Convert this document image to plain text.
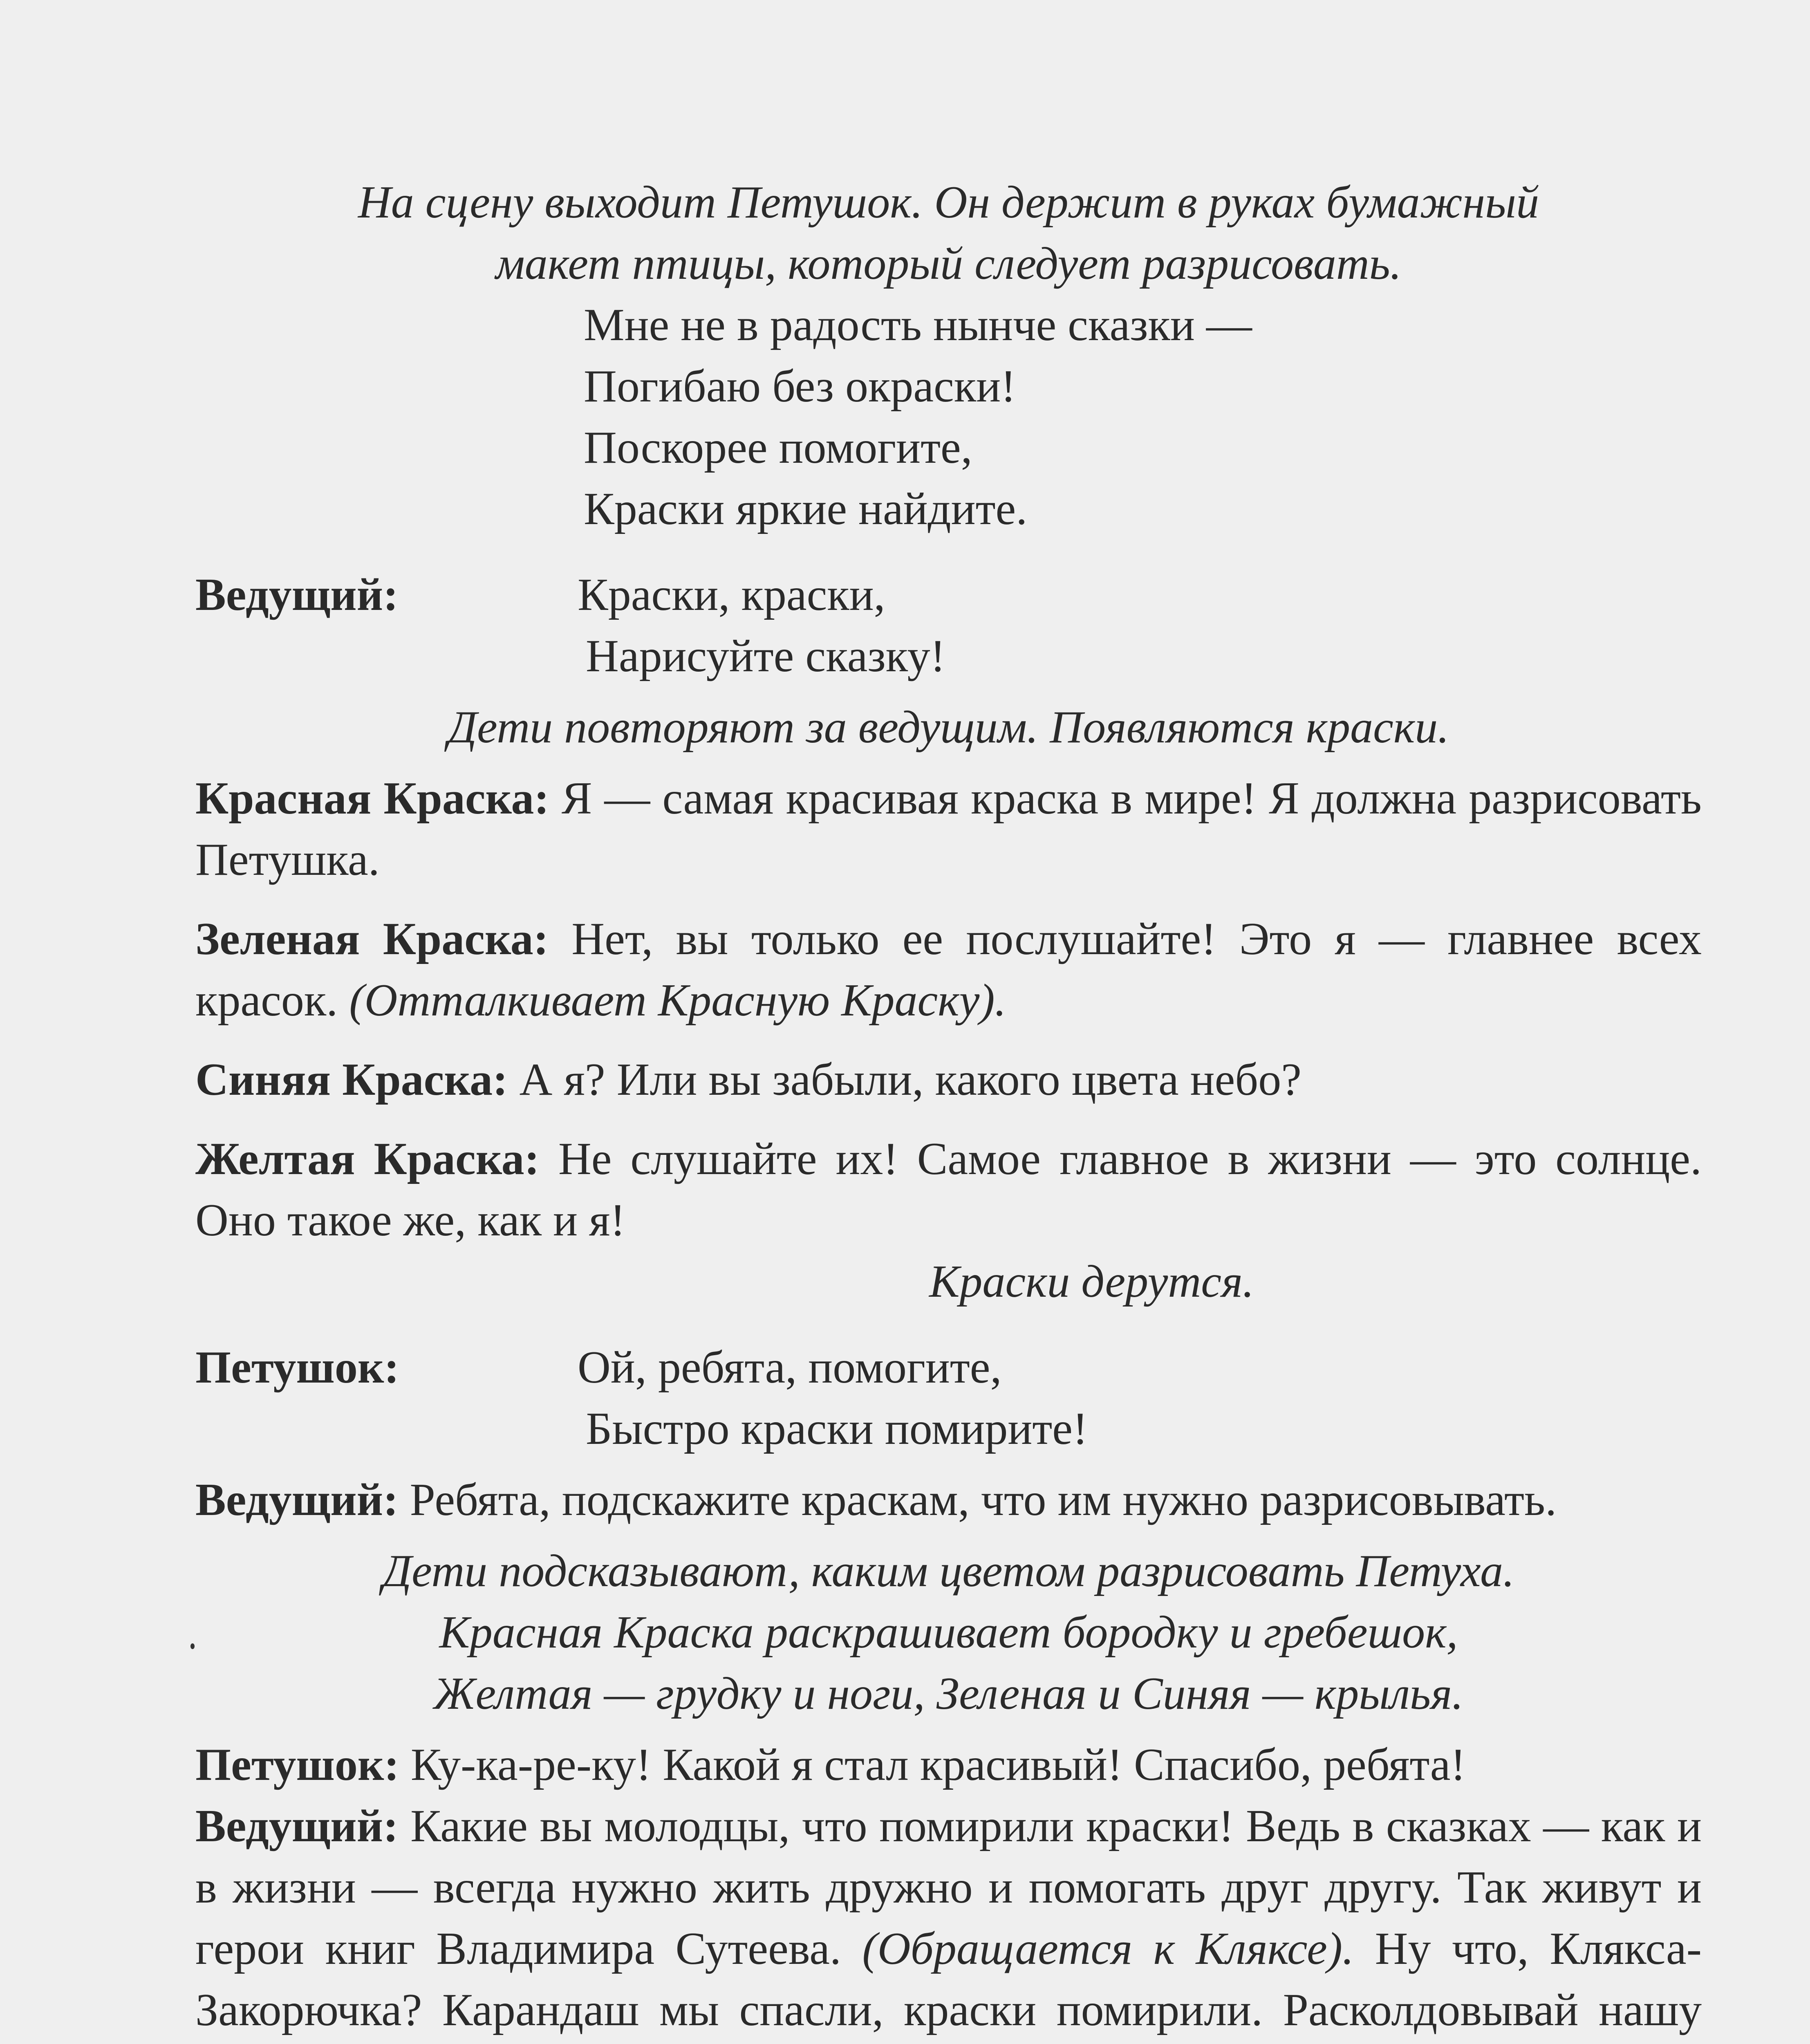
На сцену выходит Петушок. Он держит в руках бумажный
макет птицы, который следует разрисовать.
Мне не в радость нынче сказки —
Погибаю без окраски!
Поскорее помогите,
Краски яркие найдите.
Ведущий:	Краски, краски,
Нарисуйте сказку!
Дети повторяют за ведущим. Появляются краски.
Красная Краска: Я — самая красивая краска в мире! Я должна разрисовать Петушка.
Зеленая Краска: Нет, вы только ее послушайте! Это я — главнее всех красок. (Отталкивает Красную Краску).
Синяя Краска: А я? Или вы забыли, какого цвета небо?
Желтая Краска: Не слушайте их! Самое главное в жизни — это солнце. Оно такое же, как и я!
Краски дерутся.
Петушок:	Ой, ребята, помогите,
Быстро краски помирите!
Ведущий: Ребята, подскажите краскам, что им нужно разрисовывать.
Дети подсказывают, каким цветом разрисовать Петуха.
Красная Краска раскрашивает бородку и гребешок,
Желтая — грудку и ноги, Зеленая и Синяя — крылья.
Петушок: Ку-ка-ре-ку! Какой я стал красивый! Спасибо, ребята!
Ведущий: Какие вы молодцы, что помирили краски! Ведь в сказках — как и в жизни — всегда нужно жить дружно и помогать друг другу. Так живут и герои книг Владимира Сутеева. (Обращается к Кляксе). Ну что, Клякса-Закорючка? Карандаш мы спасли, краски помирили. Расколдовывай нашу
